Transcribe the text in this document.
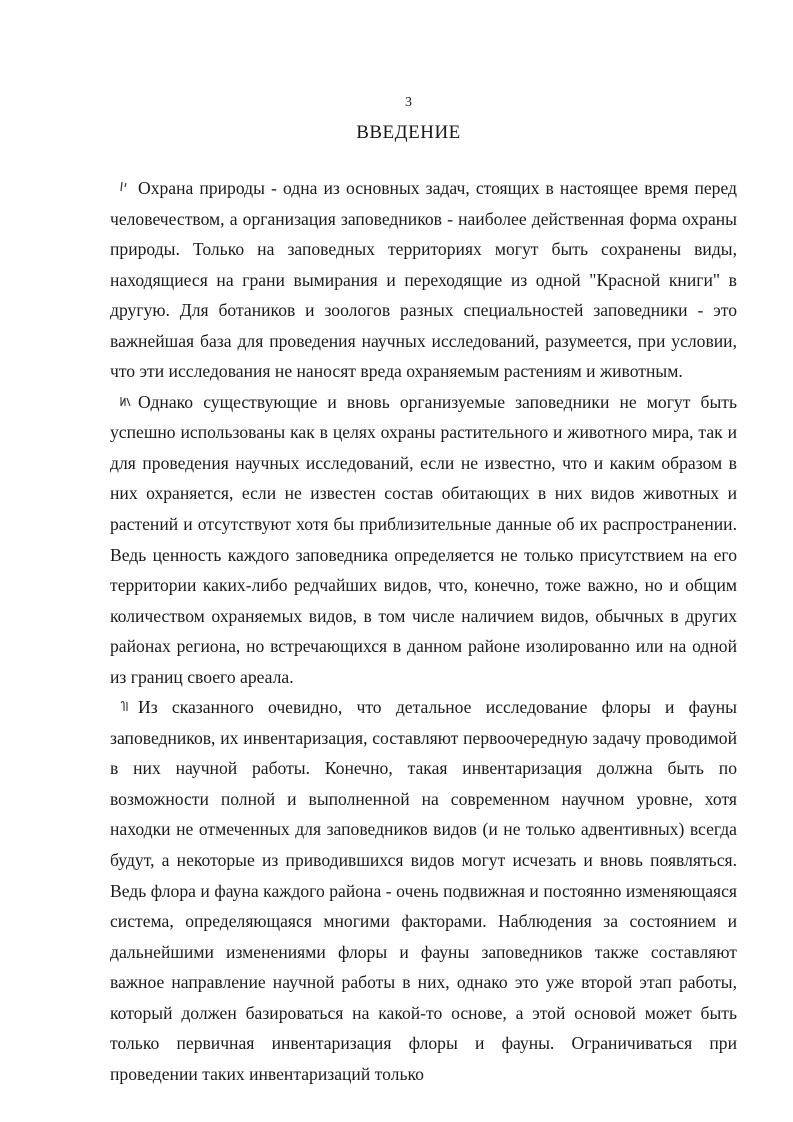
3
ВВЕДЕНИЕ

Охрана природы - одна из основных задач, стоящих в настоящее время перед человечеством, а организация заповедников - наиболее действенная форма охраны природы. Только на заповедных территориях могут быть сохранены виды, находящиеся на грани вымирания и переходящие из одной "Красной книги" в другую. Для ботаников и зоологов разных специальностей заповедники - это важнейшая база для проведения научных исследований, разумеется, при условии, что эти исследования не наносят вреда охраняемым растениям и животным.

Однако существующие и вновь организуемые заповедники не могут быть успешно использованы как в целях охраны растительного и животного мира, так и для проведения научных исследований, если не известно, что и каким образом в них охраняется, если не известен состав обитающих в них видов животных и растений и отсутствуют хотя бы приблизительные данные об их распространении. Ведь ценность каждого заповедника определяется не только присутствием на его территории каких-либо редчайших видов, что, конечно, тоже важно, но и общим количеством охраняемых видов, в том числе наличием видов, обычных в других районах региона, но встречающихся в данном районе изолированно или на одной из границ своего ареала.

Из сказанного очевидно, что детальное исследование флоры и фауны заповедников, их инвентаризация, составляют первоочередную задачу проводимой в них научной работы. Конечно, такая инвентаризация должна быть по возможности полной и выполненной на современном научном уровне, хотя находки не отмеченных для заповедников видов (и не только адвентивных) всегда будут, а некоторые из приводившихся видов могут исчезать и вновь появляться. Ведь флора и фауна каждого района - очень подвижная и постоянно изменяющаяся система, определяющаяся многими факторами. Наблюдения за состоянием и дальнейшими изменениями флоры и фауны заповедников также составляют важное направление научной работы в них, однако это уже второй этап работы, который должен базироваться на какой-то основе, а этой основой может быть только первичная инвентаризация флоры и фауны. Ограничиваться при проведении таких инвентаризаций только
